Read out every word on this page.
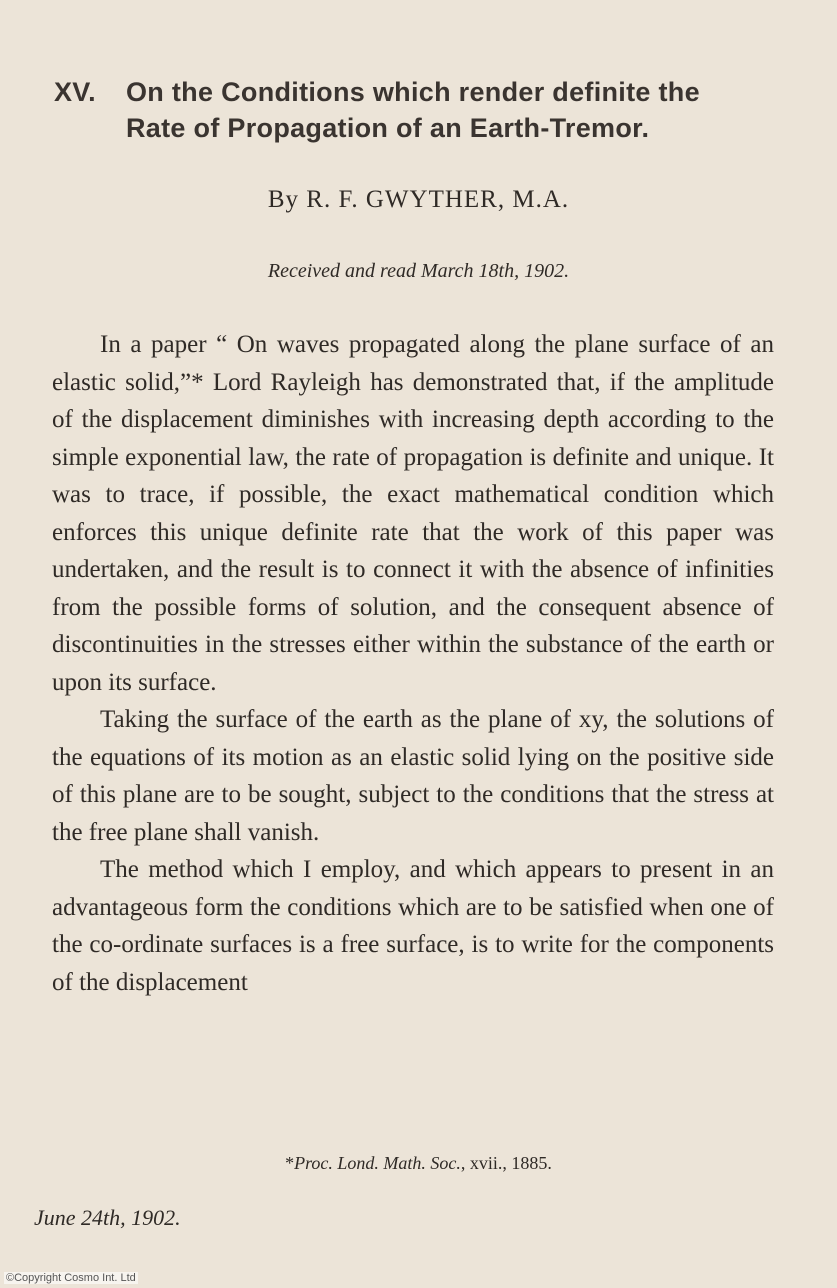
XV. On the Conditions which render definite the
Rate of Propagation of an Earth-Tremor.
By R. F. GWYTHER, M.A.
Received and read March 18th, 1902.

In a paper “ On waves propagated along the plane surface of an elastic solid,”* Lord Rayleigh has demonstrated that, if the amplitude of the displacement diminishes with increasing depth according to the simple exponential law, the rate of propagation is definite and unique. It was to trace, if possible, the exact mathematical condition which enforces this unique definite rate that the work of this paper was undertaken, and the result is to connect it with the absence of infinities from the possible forms of solution, and the consequent absence of discontinuities in the stresses either within the substance of the earth or upon its surface.

Taking the surface of the earth as the plane of xy, the solutions of the equations of its motion as an elastic solid lying on the positive side of this plane are to be sought, subject to the conditions that the stress at the free plane shall vanish.

The method which I employ, and which appears to present in an advantageous form the conditions which are to be satisfied when one of the co-ordinate surfaces is a free surface, is to write for the components of the displacement

*Proc. Lond. Math. Soc., xvii., 1885.
June 24th, 1902.
©Copyright Cosmo Int. Ltd
